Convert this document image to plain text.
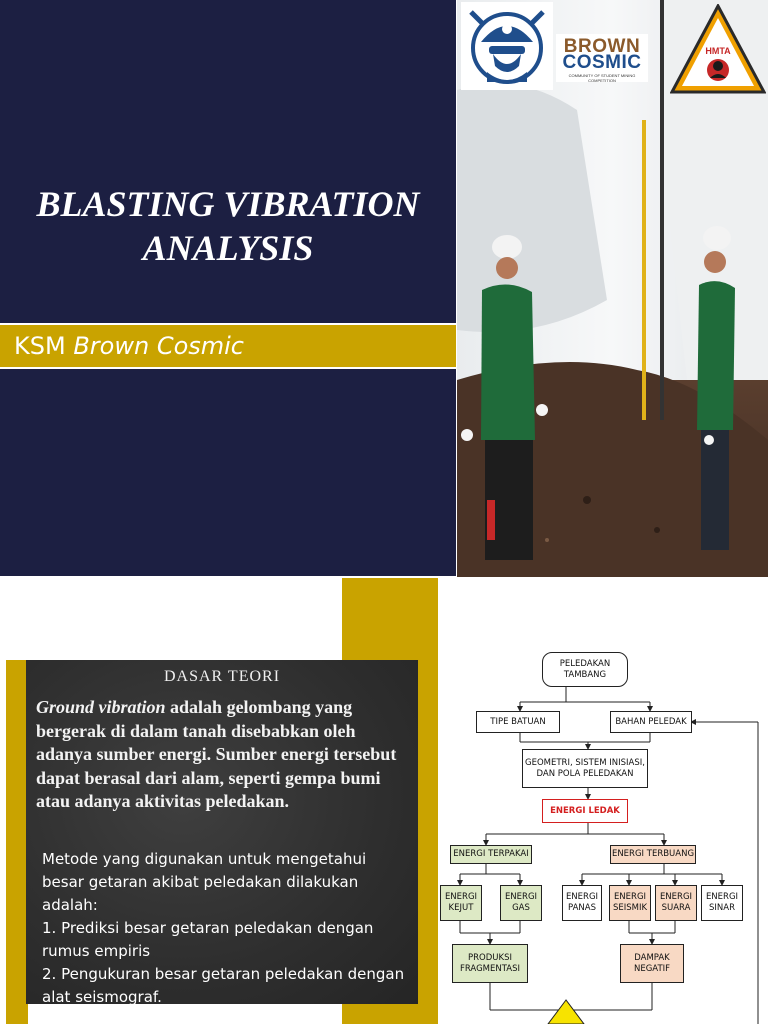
BLASTING VIBRATION
ANALYSIS
KSM Brown Cosmic
BROWN
COSMIC
COMMUNITY OF STUDENT MINING COMPETITION
HMTA
DASAR TEORI
Ground vibration adalah gelombang yang bergerak di dalam tanah disebabkan oleh adanya sumber energi. Sumber energi tersebut dapat berasal dari alam, seperti gempa bumi atau adanya aktivitas peledakan.

Metode yang digunakan untuk mengetahui besar getaran akibat peledakan dilakukan adalah:

1. Prediksi besar getaran peledakan dengan rumus empiris

2. Pengukuran besar getaran peledakan dengan alat seismograf.

PELEDAKAN
TAMBANG
TIPE BATUAN	BAHAN PELEDAK
GEOMETRI, SISTEM INISIASI,
DAN POLA PELEDAKAN
ENERGI LEDAK
ENERGI TERPAKAI	ENERGI TERBUANG
ENERGI
KEJUT
ENERGI
GAS
ENERGI
PANAS
ENERGI
SEISMIK
ENERGI
SUARA
ENERGI
SINAR
PRODUKSI
FRAGMENTASI
DAMPAK
NEGATIF
